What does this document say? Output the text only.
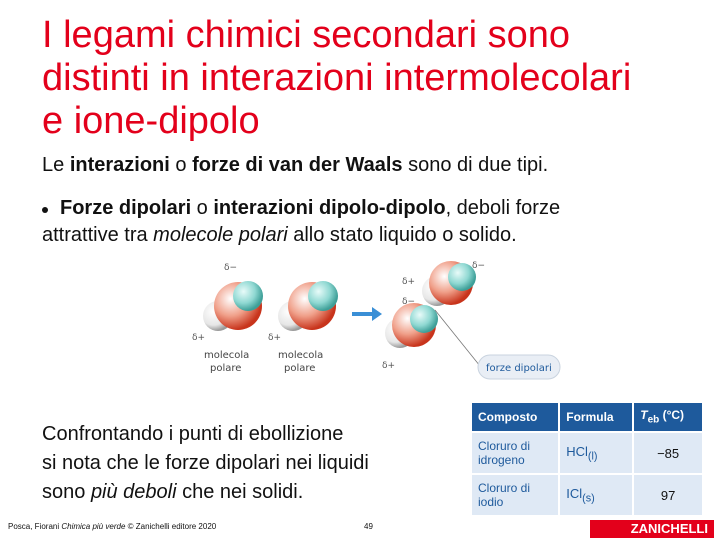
I legami chimici secondari sono
distinti in interazioni intermolecolari
e ione-dipolo
Le interazioni o forze di van der Waals sono di due tipi.
Forze dipolari o interazioni dipolo-dipolo, deboli forze
attrattive tra molecole polari allo stato liquido o solido.
δ−
δ+	δ+
molecola
polare
molecola
polare
δ−
δ+
δ−
δ+	forze dipolari
Confrontando i punti di ebollizione
si nota che le forze dipolari nei liquidi
sono più deboli che nei solidi.
Composto	Formula	$T_{eb}$ (°C)

Cloruro di
idrogeno	HCl$_{(l)}$	−85

Cloruro di
iodio	ICl$_{(s)}$	97
Posca, Fiorani Chimica più verde © Zanichelli editore 2020	49	ZANICHELLI
